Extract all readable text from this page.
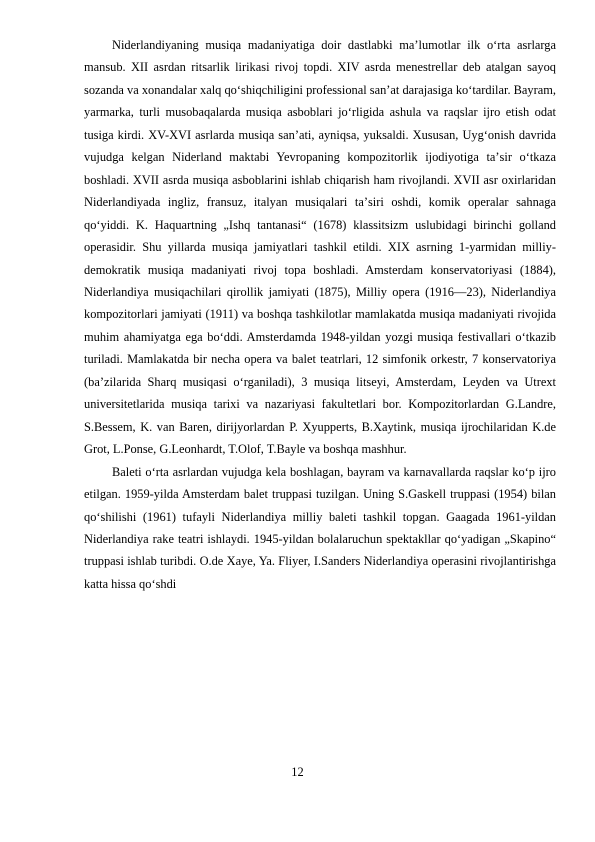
Niderlandiyaning musiqa madaniyatiga doir dastlabki maʼlumotlar ilk oʻrta asrlarga mansub. XII asrdan ritsarlik lirikasi rivoj topdi. XIV asrda menestrellar deb atalgan sayoq sozanda va xonandalar xalq qoʻshiqchiligini professional sanʼat darajasiga koʻtardilar. Bayram, yarmarka, turli musobaqalarda musiqa asboblari joʻrligida ashula va raqslar ijro etish odat tusiga kirdi. XV-XVI asrlarda musiqa sanʼati, ayniqsa, yuksaldi. Xususan, Uygʻonish davrida vujudga kelgan Niderland maktabi Yevropaning kompozitorlik ijodiyotiga taʼsir oʻtkaza boshladi. XVII asrda musiqa asboblarini ishlab chiqarish ham rivojlandi. XVII asr oxirlaridan Niderlandiyada ingliz, fransuz, italyan musiqalari taʼsiri oshdi, komik operalar sahnaga qoʻyiddi. K. Haquartning „Ishq tantanasi“ (1678) klassitsizm uslubidagi birinchi golland operasidir. Shu yillarda musiqa jamiyatlari tashkil etildi. XIX asrning 1-yarmidan milliy-demokratik musiqa madaniyati rivoj topa boshladi. Amsterdam konservatoriyasi (1884), Niderlandiya musiqachilari qirollik jamiyati (1875), Milliy opera (1916—23), Niderlandiya kompozitorlari jamiyati (1911) va boshqa tashkilotlar mamlakatda musiqa madaniyati rivojida muhim ahamiyatga ega boʻddi. Amsterdamda 1948-yildan yozgi musiqa festivallari oʻtkazib turiladi. Mamlakatda bir necha opera va balet teatrlari, 12 simfonik orkestr, 7 konservatoriya (baʼzilarida Sharq musiqasi oʻrganiladi), 3 musiqa litseyi, Amsterdam, Leyden va Utrext universitetlarida musiqa tarixi va nazariyasi fakultetlari bor. Kompozitorlardan G.Landre, S.Bessem, K. van Baren, dirijyorlardan P. Xyupperts, B.Xaytink, musiqa ijrochilaridan K.de Grot, L.Ponse, G.Leonhardt, T.Olof, T.Bayle va boshqa mashhur.

Baleti oʻrta asrlardan vujudga kela boshlagan, bayram va karnavallarda raqslar koʻp ijro etilgan. 1959-yilda Amsterdam balet truppasi tuzilgan. Uning S.Gaskell truppasi (1954) bilan qoʻshilishi (1961) tufayli Niderlandiya milliy baleti tashkil topgan. Gaagada 1961-yildan Niderlandiya rake teatri ishlaydi. 1945-yildan bolalaruchun spektakllar qoʻyadigan „Skapino“ truppasi ishlab turibdi. O.de Xaye, Ya. Fliyer, I.Sanders Niderlandiya operasini rivojlantirishga katta hissa qoʻshdi

12
